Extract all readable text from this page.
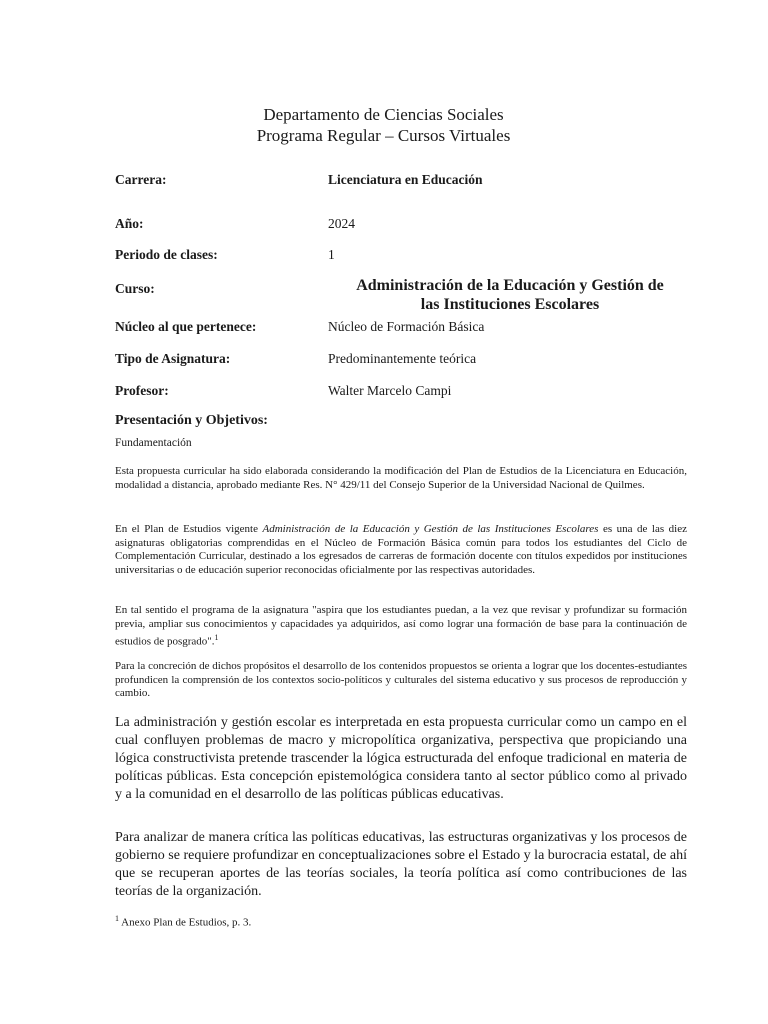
Departamento de Ciencias Sociales
Programa Regular – Cursos Virtuales
Carrera:	Licenciatura en Educación
Año:	2024
Periodo de clases:	1
Curso:	Administración de la Educación y Gestión de
las Instituciones Escolares
Núcleo al que pertenece:	Núcleo de Formación Básica
Tipo de Asignatura:	Predominantemente teórica
Profesor:	Walter Marcelo Campi
Presentación y Objetivos:
Fundamentación
Esta propuesta curricular ha sido elaborada considerando la modificación del Plan de Estudios de la Licenciatura en Educación, modalidad a distancia, aprobado mediante Res. N° 429/11 del Consejo Superior de la Universidad Nacional de Quilmes.
En el Plan de Estudios vigente Administración de la Educación y Gestión de las Instituciones Escolares es una de las diez asignaturas obligatorias comprendidas en el Núcleo de Formación Básica común para todos los estudiantes del Ciclo de Complementación Curricular, destinado a los egresados de carreras de formación docente con títulos expedidos por instituciones universitarias o de educación superior reconocidas oficialmente por las respectivas autoridades.
En tal sentido el programa de la asignatura "aspira que los estudiantes puedan, a la vez que revisar y profundizar su formación previa, ampliar sus conocimientos y capacidades ya adquiridos, así como lograr una formación de base para la continuación de estudios de posgrado".$^1$
Para la concreción de dichos propósitos el desarrollo de los contenidos propuestos se orienta a lograr que los docentes-estudiantes profundicen la comprensión de los contextos socio-políticos y culturales del sistema educativo y sus procesos de reproducción y cambio.
La administración y gestión escolar es interpretada en esta propuesta curricular como un campo en el cual confluyen problemas de macro y micropolítica organizativa, perspectiva que propiciando una lógica constructivista pretende trascender la lógica estructurada del enfoque tradicional en materia de políticas públicas. Esta concepción epistemológica considera tanto al sector público como al privado y a la comunidad en el desarrollo de las políticas públicas educativas.
Para analizar de manera crítica las políticas educativas, las estructuras organizativas y los procesos de gobierno se requiere profundizar en conceptualizaciones sobre el Estado y la burocracia estatal, de ahí que se recuperan aportes de las teorías sociales, la teoría política así como contribuciones de las teorías de la organización.
$^1$ Anexo Plan de Estudios, p. 3.
